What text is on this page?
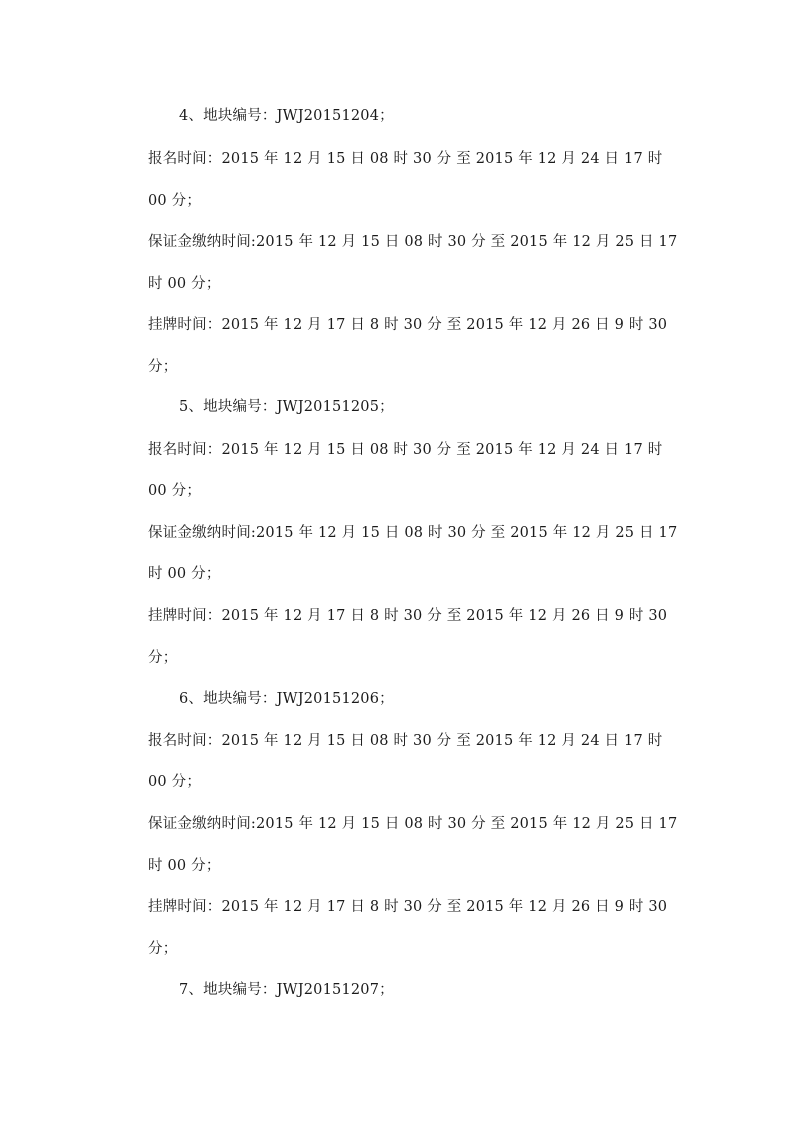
4、地块编号：JWJ20151204；
报名时间：2015 年 12 月 15 日 08 时 30 分 至 2015 年 12 月 24 日 17 时
00 分；
保证金缴纳时间:2015 年 12 月 15 日 08 时 30 分 至 2015 年 12 月 25 日 17
时 00 分；
挂牌时间：2015 年 12 月 17 日 8 时 30 分 至 2015 年 12 月 26 日 9 时 30
分；
5、地块编号：JWJ20151205；
报名时间：2015 年 12 月 15 日 08 时 30 分 至 2015 年 12 月 24 日 17 时
00 分；
保证金缴纳时间:2015 年 12 月 15 日 08 时 30 分 至 2015 年 12 月 25 日 17
时 00 分；
挂牌时间：2015 年 12 月 17 日 8 时 30 分 至 2015 年 12 月 26 日 9 时 30
分；
6、地块编号：JWJ20151206；
报名时间：2015 年 12 月 15 日 08 时 30 分 至 2015 年 12 月 24 日 17 时
00 分；
保证金缴纳时间:2015 年 12 月 15 日 08 时 30 分 至 2015 年 12 月 25 日 17
时 00 分；
挂牌时间：2015 年 12 月 17 日 8 时 30 分 至 2015 年 12 月 26 日 9 时 30
分；
7、地块编号：JWJ20151207；
